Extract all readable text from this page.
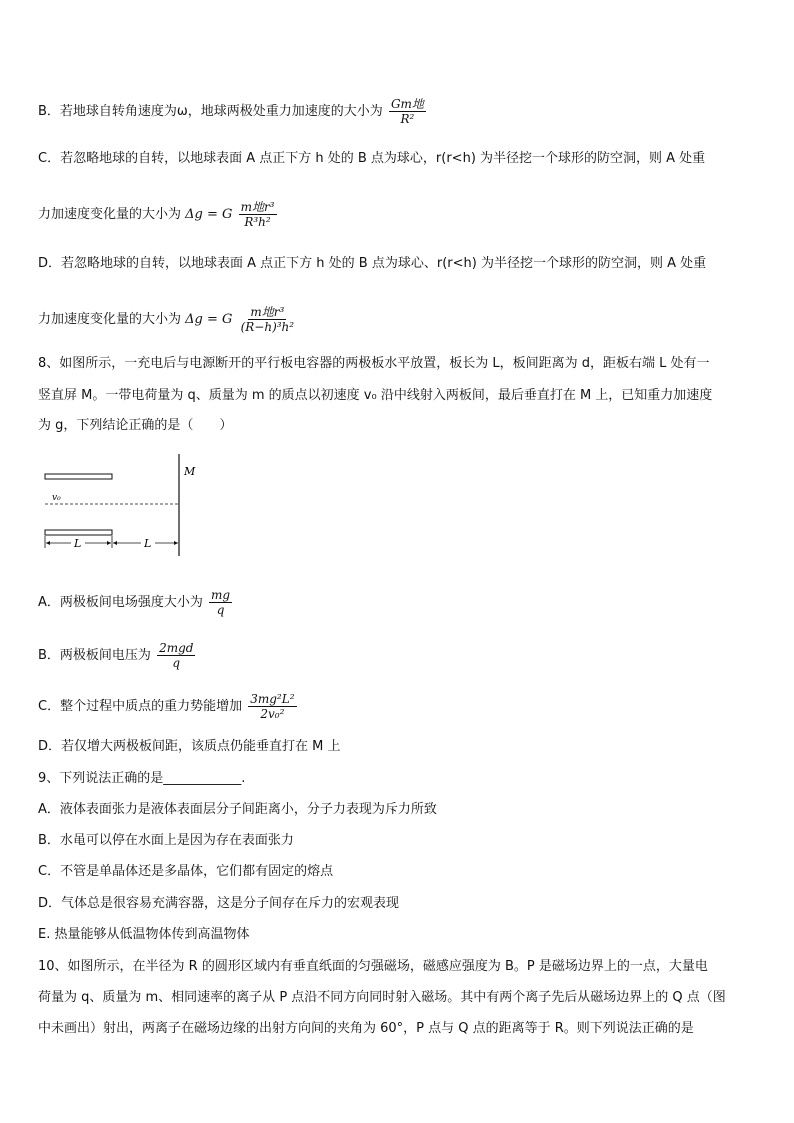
B．若地球自转角速度为ω，地球两极处重力加速度的大小为 $\frac{\text{Gm地}}{\text{R²}}$
C．若忽略地球的自转，以地球表面 A 点正下方 h 处的 B 点为球心，r(r<h) 为半径挖一个球形的防空洞，则 A 处重
力加速度变化量的大小为 Δg = G $\frac{\text{m地r³}}{\text{R³h²}}$
D．若忽略地球的自转，以地球表面 A 点正下方 h 处的 B 点为球心、r(r<h) 为半径挖一个球形的防空洞，则 A 处重
力加速度变化量的大小为 Δg = G $\frac{\text{m地r³}}{\text{(R−h)³h²}}$
8、如图所示，一充电后与电源断开的平行板电容器的两极板水平放置，板长为 L，板间距离为 d，距板右端 L 处有一
竖直屏 M。一带电荷量为 q、质量为 m 的质点以初速度 v₀ 沿中线射入两板间，最后垂直打在 M 上，已知重力加速度
为 g，下列结论正确的是（　　）
M
v₀
L	L
A．两极板间电场强度大小为 $\frac{mg}{q}$
B．两极板间电压为 $\frac{\text{2mgd}}{q}$
C．整个过程中质点的重力势能增加 $\frac{\text{3mg²L²}}{\text{2v₀²}}$
D．若仅增大两极板间距，该质点仍能垂直打在 M 上
9、下列说法正确的是____________.
A．液体表面张力是液体表面层分子间距离小，分子力表现为斥力所致
B．水黾可以停在水面上是因为存在表面张力
C．不管是单晶体还是多晶体，它们都有固定的熔点
D．气体总是很容易充满容器，这是分子间存在斥力的宏观表现
E. 热量能够从低温物体传到高温物体
10、如图所示，在半径为 R 的圆形区域内有垂直纸面的匀强磁场，磁感应强度为 B。P 是磁场边界上的一点，大量电
荷量为 q、质量为 m、相同速率的离子从 P 点沿不同方向同时射入磁场。其中有两个离子先后从磁场边界上的 Q 点（图
中未画出）射出，两离子在磁场边缘的出射方向间的夹角为 60°，P 点与 Q 点的距离等于 R。则下列说法正确的是
